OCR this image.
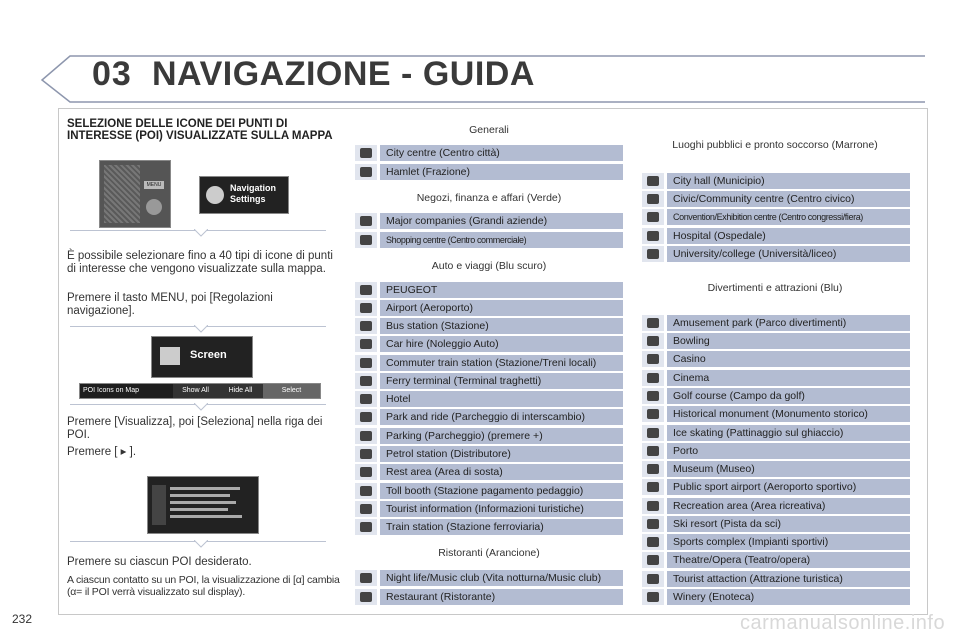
03 NAVIGAZIONE - GUIDA
SELEZIONE DELLE ICONE DEI PUNTI DI INTERESSE (POI) VISUALIZZATE SULLA MAPPA
MENU	Navigation Settings
È possibile selezionare fino a 40 tipi di icone di punti di interesse che vengono visualizzate sulla mappa.
Premere il tasto MENU, poi [Regolazioni navigazione].
Screen
POI Icons on Map	Show All	Hide All	Select
Premere [Visualizza], poi [Seleziona] nella riga dei POI.
Premere [ ▸ ].
Premere su ciascun POI desiderato.
A ciascun contatto su un POI, la visualizzazione di [α] cambia (α= il POI verrà visualizzato sul display).
Generali
City centre (Centro città)
Hamlet (Frazione)
Negozi, finanza e affari (Verde)
Major companies (Grandi aziende)
Shopping centre (Centro commerciale)
Auto e viaggi (Blu scuro)
PEUGEOT
Airport (Aeroporto)
Bus station (Stazione)
Car hire (Noleggio Auto)
Commuter train station (Stazione/Treni locali)
Ferry terminal (Terminal traghetti)
Hotel
Park and ride (Parcheggio di interscambio)
Parking (Parcheggio) (premere +)
Petrol station (Distributore)
Rest area (Area di sosta)
Toll booth (Stazione pagamento pedaggio)
Tourist information (Informazioni turistiche)
Train station (Stazione ferroviaria)
Ristoranti (Arancione)
Night life/Music club (Vita notturna/Music club)
Restaurant (Ristorante)
Luoghi pubblici e pronto soccorso (Marrone)
City hall (Municipio)
Civic/Community centre (Centro civico)
Convention/Exhibition centre (Centro congressi/fiera)
Hospital (Ospedale)
University/college (Università/liceo)
Divertimenti e attrazioni (Blu)
Amusement park (Parco divertimenti)
Bowling
Casino
Cinema
Golf course (Campo da golf)
Historical monument (Monumento storico)
Ice skating (Pattinaggio sul ghiaccio)
Porto
Museum (Museo)
Public sport airport (Aeroporto sportivo)
Recreation area (Area ricreativa)
Ski resort (Pista da sci)
Sports complex (Impianti sportivi)
Theatre/Opera (Teatro/opera)
Tourist attaction (Attrazione turistica)
Winery (Enoteca)
232	carmanualsonline.info
